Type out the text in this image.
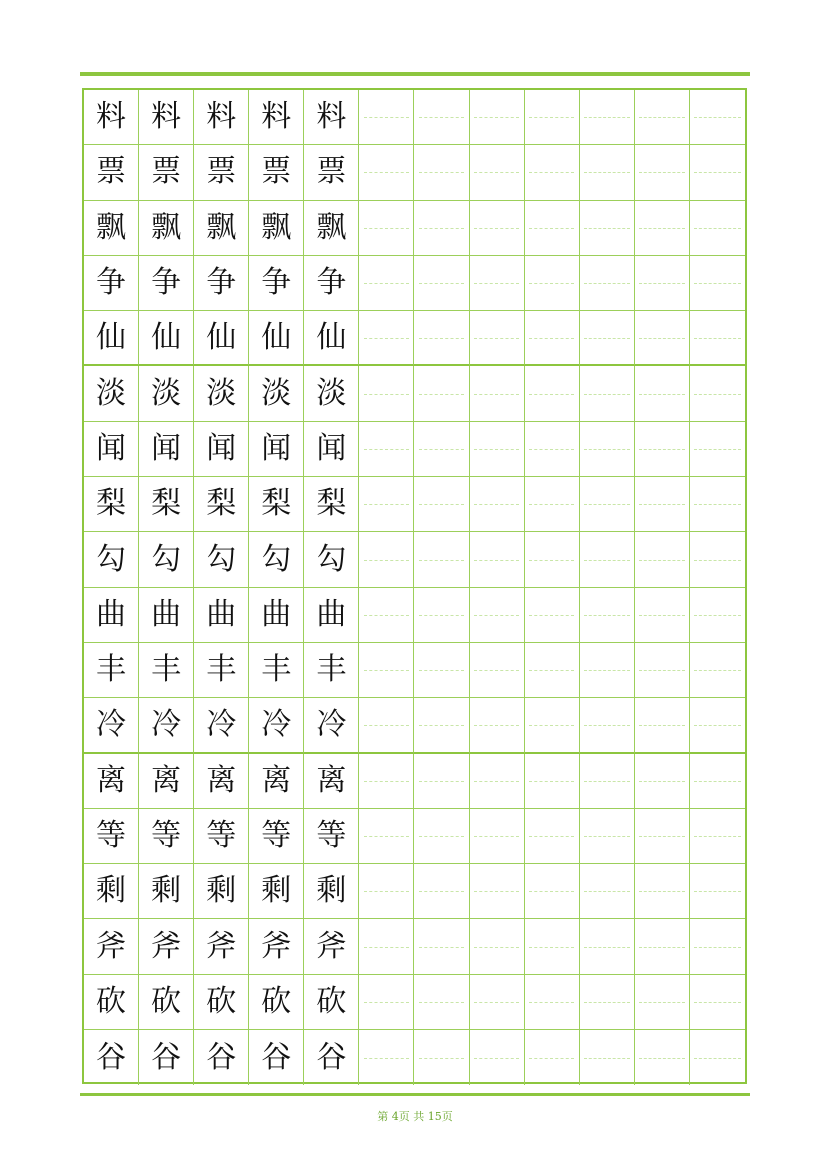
料 料 料 料 料
票 票 票 票 票
飘 飘 飘 飘 飘
争 争 争 争 争
仙 仙 仙 仙 仙
淡 淡 淡 淡 淡
闻 闻 闻 闻 闻
梨 梨 梨 梨 梨
勾 勾 勾 勾 勾
曲 曲 曲 曲 曲
丰 丰 丰 丰 丰
冷 冷 冷 冷 冷
离 离 离 离 离
等 等 等 等 等
剩 剩 剩 剩 剩
斧 斧 斧 斧 斧
砍 砍 砍 砍 砍
谷 谷 谷 谷 谷
第 4页 共 15页
